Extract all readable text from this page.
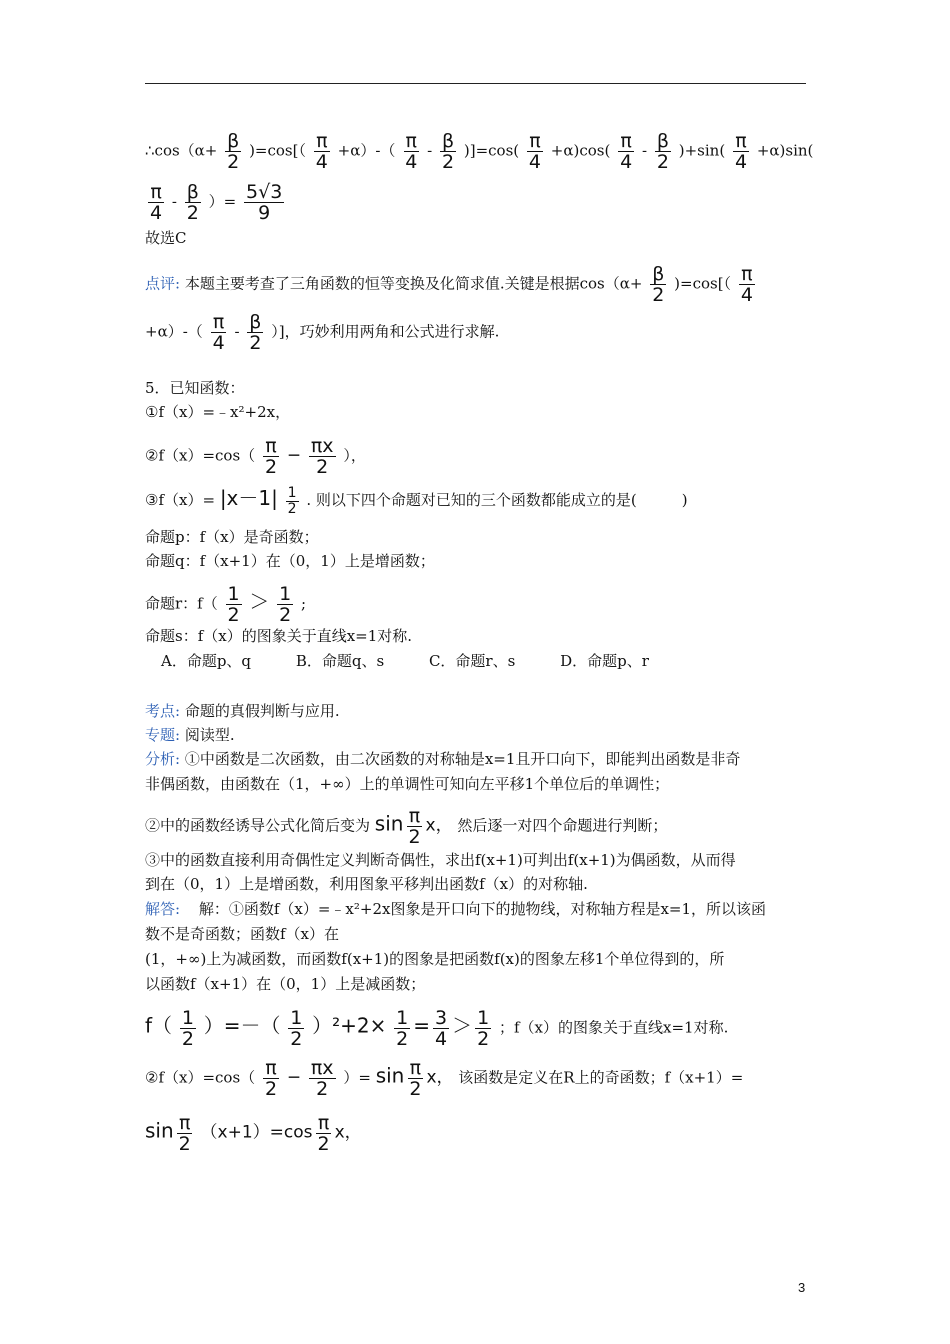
∴cos（α+ $\frac{\beta}{2} )=\cos[( \frac{\pi}{4} +\alpha)-( \frac{\pi}{4} - \frac{\beta}{2} )]=\cos( \frac{\pi}{4} +\alpha)\cos( \frac{\pi}{4} - \frac{\beta}{2} )+\sin( \frac{\pi}{4} +\alpha)\sin$(
$\frac{\pi}{4} - \frac{\beta}{2}$ ）= $\frac{5√3}{9}$
故选C
点评: 本题主要考查了三角函数的恒等变换及化简求值.关键是根据$\cos(\alpha+ \frac{\beta}{2} )=\cos[( \frac{\pi}{4}$
$+\alpha)-( \frac{\pi}{4} - \frac{\beta}{2}$ ）]，巧妙利用两角和公式进行求解.
5．已知函数：
①f（x）=﹣x²+2x，
②f（x）=cos（ $\frac{\pi}{2} - \frac{\pi x}{2}$ ），
③f（x）= $|x-1| \frac{1}{2}$ . 则以下四个命题对已知的三个函数都能成立的是(　　　)
命题p：f（x）是奇函数；
命题q：f（x+1）在（0，1）上是增函数；
命题r：$f( \frac{1}{2} > \frac{1}{2}$ ;
命题s：f（x）的图象关于直线x=1对称.
A．命题p、q	B．命题q、s	C．命题r、s	D．命题p、r
考点: 命题的真假判断与应用.
专题: 阅读型.
分析: ①中函数是二次函数，由二次函数的对称轴是x=1且开口向下，即能判出函数是非奇
非偶函数，由函数在（1，+∞）上的单调性可知向左平移1个单位后的单调性；
②中的函数经诱导公式化简后变为 $\sin \frac{\pi}{2}$ x， 然后逐一对四个命题进行判断；
③中的函数直接利用奇偶性定义判断奇偶性，求出f(x+1)可判出f(x+1)为偶函数，从而得
到在（0，1）上是增函数，利用图象平移判出函数f（x）的对称轴.
解答: 解：①函数f（x）=﹣x²+2x图象是开口向下的抛物线，对称轴方程是x=1，所以该函
数不是奇函数；函数f（x）在
(1，+∞)上为减函数，而函数f(x+1)的图象是把函数f(x)的图象左移1个单位得到的，所
以函数f（x+1）在（0，1）上是减函数；
$f( \frac{1}{2}$ ）=－（ $\frac{1}{2} )^2+2\times \frac{1}{2} = \frac{3}{4} > \frac{1}{2}$ ；f（x）的图象关于直线x=1对称.
②f（x）=cos（ $\frac{\pi}{2} - \frac{\pi x}{2}$ ）= $\sin \frac{\pi}{2}$ x， 该函数是定义在R上的奇函数；f（x+1）=
$\sin \frac{\pi}{2} (x+1)=\cos \frac{\pi}{2}$ x，
3
